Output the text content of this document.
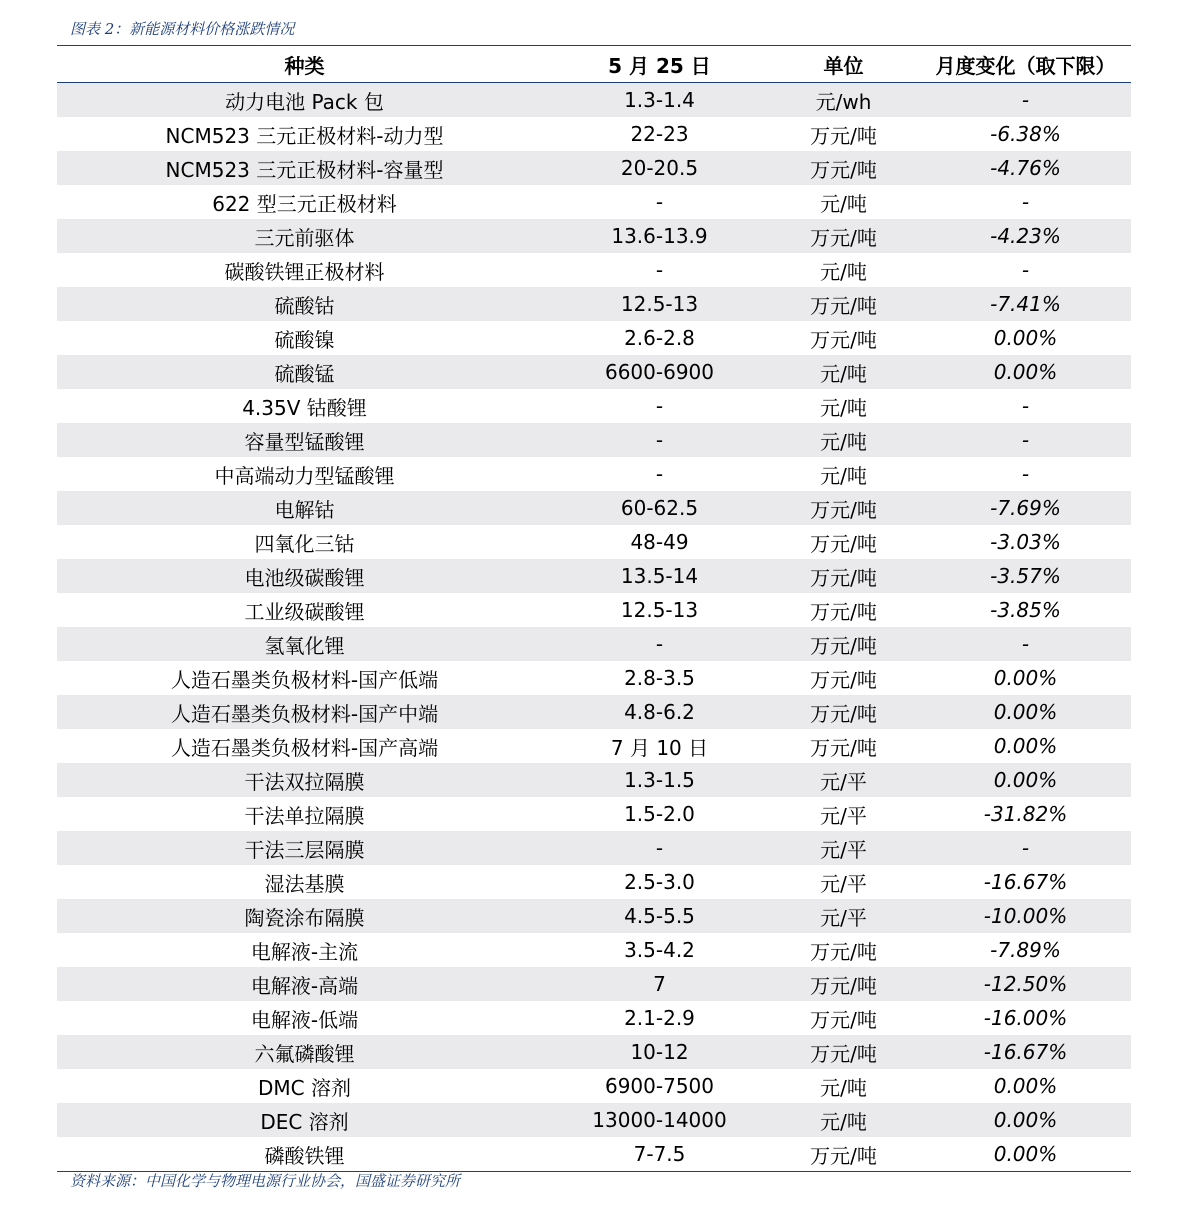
图表 2：新能源材料价格涨跌情况
种类	5 月 25 日	单位	月度变化（取下限）
动力电池 Pack 包	1.3-1.4	元/wh	-
NCM523 三元正极材料-动力型	22-23	万元/吨	-6.38%
NCM523 三元正极材料-容量型	20-20.5	万元/吨	-4.76%
622 型三元正极材料	-	元/吨	-
三元前驱体	13.6-13.9	万元/吨	-4.23%
碳酸铁锂正极材料	-	元/吨	-
硫酸钴	12.5-13	万元/吨	-7.41%
硫酸镍	2.6-2.8	万元/吨	0.00%
硫酸锰	6600-6900	元/吨	0.00%
4.35V 钴酸锂	-	元/吨	-
容量型锰酸锂	-	元/吨	-
中高端动力型锰酸锂	-	元/吨	-
电解钴	60-62.5	万元/吨	-7.69%
四氧化三钴	48-49	万元/吨	-3.03%
电池级碳酸锂	13.5-14	万元/吨	-3.57%
工业级碳酸锂	12.5-13	万元/吨	-3.85%
氢氧化锂	-	万元/吨	-
人造石墨类负极材料-国产低端	2.8-3.5	万元/吨	0.00%
人造石墨类负极材料-国产中端	4.8-6.2	万元/吨	0.00%
人造石墨类负极材料-国产高端	7 月 10 日	万元/吨	0.00%
干法双拉隔膜	1.3-1.5	元/平	0.00%
干法单拉隔膜	1.5-2.0	元/平	-31.82%
干法三层隔膜	-	元/平	-
湿法基膜	2.5-3.0	元/平	-16.67%
陶瓷涂布隔膜	4.5-5.5	元/平	-10.00%
电解液-主流	3.5-4.2	万元/吨	-7.89%
电解液-高端	7	万元/吨	-12.50%
电解液-低端	2.1-2.9	万元/吨	-16.00%
六氟磷酸锂	10-12	万元/吨	-16.67%
DMC 溶剂	6900-7500	元/吨	0.00%
DEC 溶剂	13000-14000	元/吨	0.00%
磷酸铁锂	7-7.5	万元/吨	0.00%
资料来源：中国化学与物理电源行业协会，国盛证券研究所
